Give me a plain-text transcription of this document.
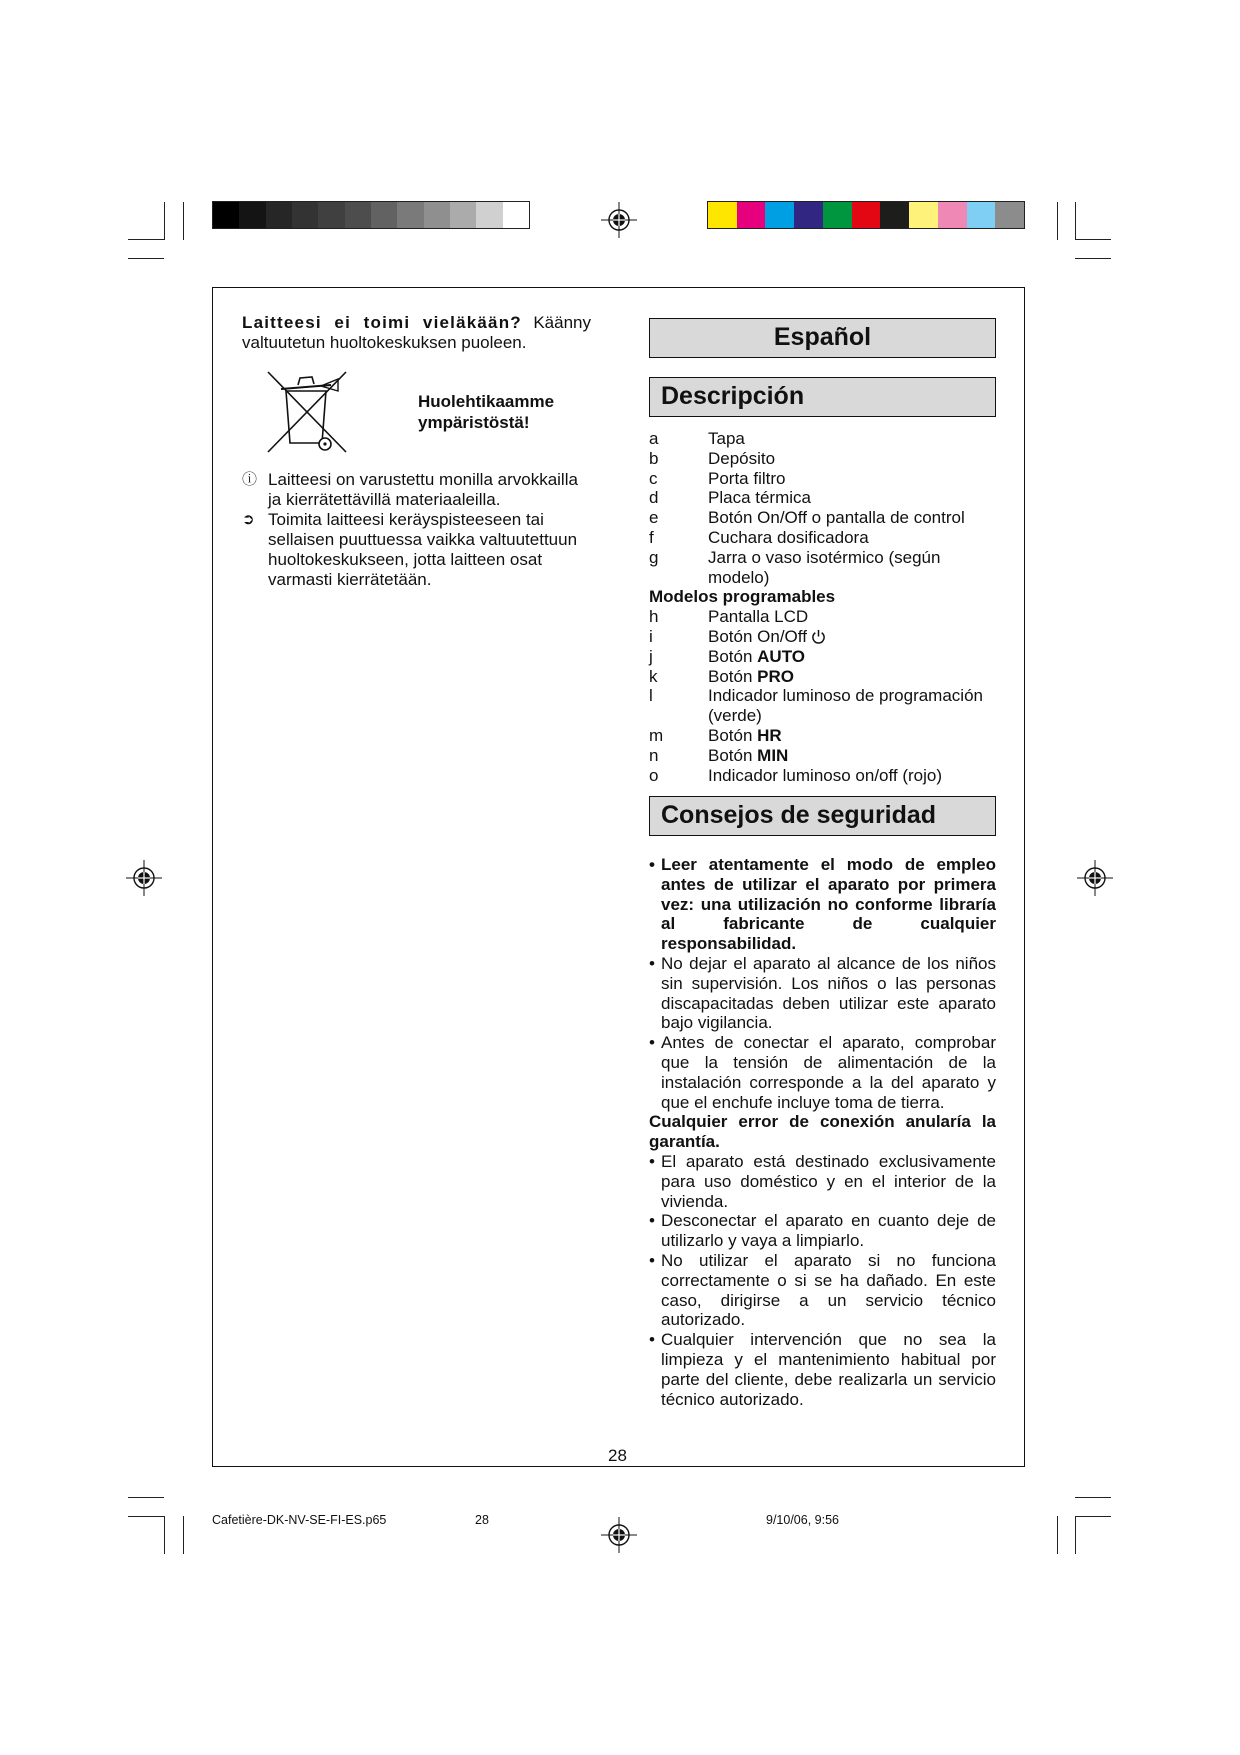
Laitteesi ei toimi vieläkään? Käänny valtuutetun huoltokeskuksen puoleen.
Huolehtikaamme
ympäristöstä!
ⓘ Laitteesi on varustettu monilla arvokkailla ja kierrätettävillä materiaaleilla.
➲ Toimita laitteesi keräyspisteeseen tai sellaisen puuttuessa vaikka valtuutettuun huoltokeskukseen, jotta laitteen osat varmasti kierrätetään.
Español
Descripción
a	Tapa
b	Depósito
c	Porta filtro
d	Placa térmica
e	Botón On/Off o pantalla de control
f	Cuchara dosificadora
g	Jarra o vaso isotérmico (según modelo)
Modelos programables
h	Pantalla LCD
i	Botón On/Off
j	Botón AUTO
k	Botón PRO
l	Indicador luminoso de programación (verde)
m	Botón HR
n	Botón MIN
o	Indicador luminoso on/off (rojo)
Consejos de seguridad
• Leer atentamente el modo de empleo antes de utilizar el aparato por primera vez: una utilización no conforme libraría al fabricante de cualquier responsabilidad.
• No dejar el aparato al alcance de los niños sin supervisión. Los niños o las personas discapacitadas deben utilizar este aparato bajo vigilancia.
• Antes de conectar el aparato, comprobar que la tensión de alimentación de la instalación corresponde a la del aparato y que el enchufe incluye toma de tierra.
Cualquier error de conexión anularía la garantía.
• El aparato está destinado exclusivamente para uso doméstico y en el interior de la vivienda.
• Desconectar el aparato en cuanto deje de utilizarlo y vaya a limpiarlo.
• No utilizar el aparato si no funciona correctamente o si se ha dañado. En este caso, dirigirse a un servicio técnico autorizado.
• Cualquier intervención que no sea la limpieza y el mantenimiento habitual por parte del cliente, debe realizarla un servicio técnico autorizado.
28
Cafetière-DK-NV-SE-FI-ES.p65	28	9/10/06, 9:56
